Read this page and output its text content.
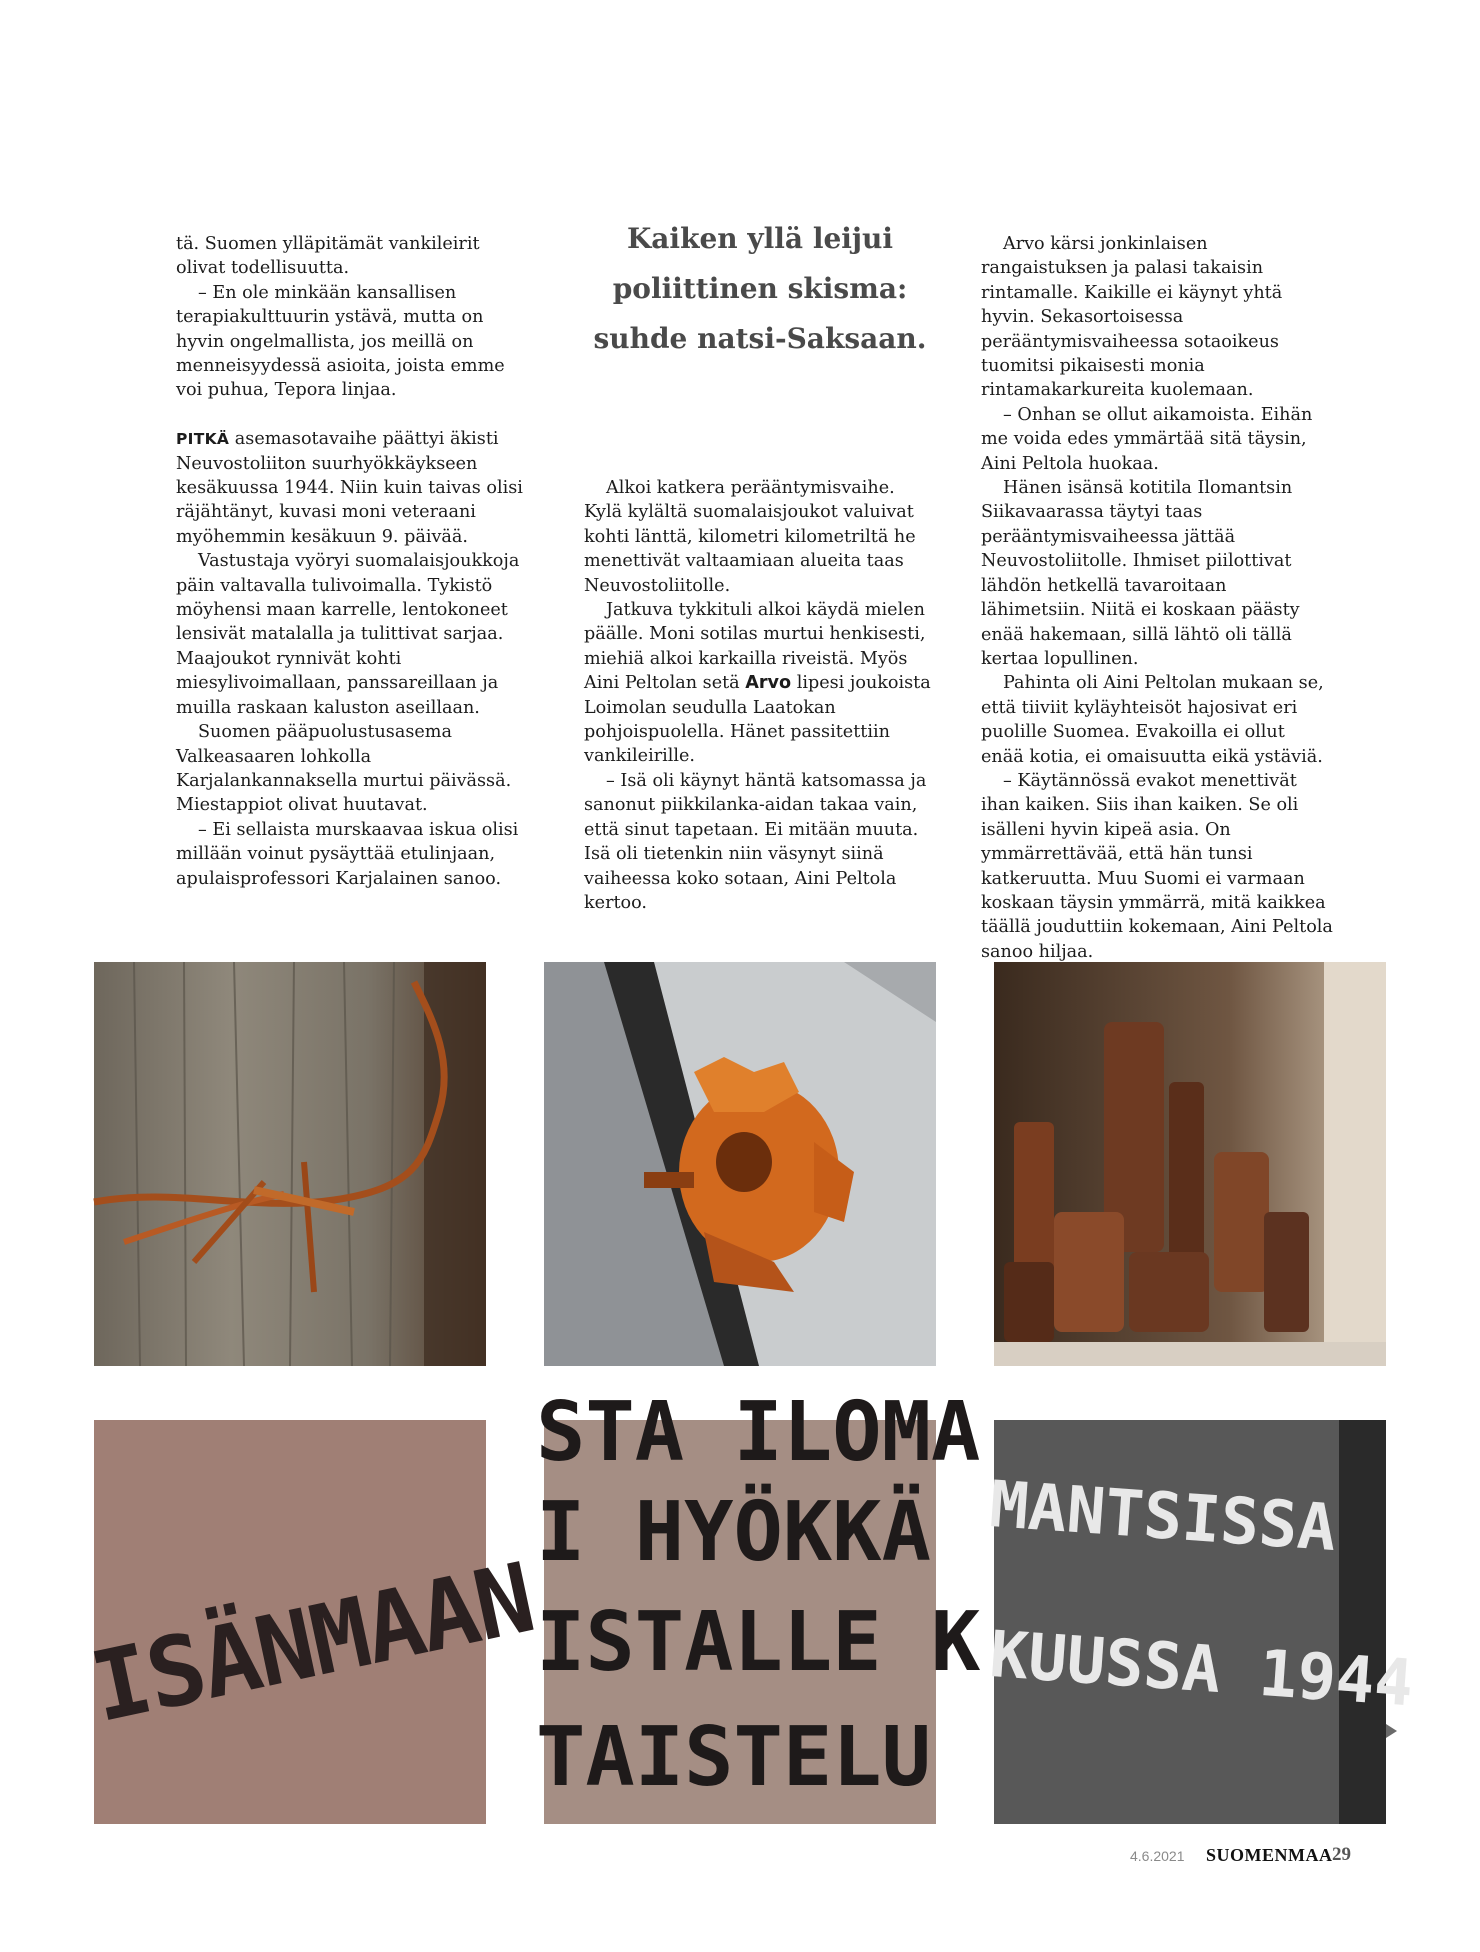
tä. Suomen ylläpitämät vankileirit olivat todellisuutta.

– En ole minkään kansallisen terapiakulttuurin ystävä, mutta on hyvin ongelmallista, jos meillä on menneisyydessä asioita, joista emme voi puhua, Tepora linjaa.

PITKÄ asemasotavaihe päättyi äkisti Neuvostoliiton suurhyökkäykseen kesäkuussa 1944. Niin kuin taivas olisi räjähtänyt, kuvasi moni veteraani myöhemmin kesäkuun 9. päivää.

Vastustaja vyöryi suomalaisjoukkoja päin valtavalla tulivoimalla. Tykistö möyhensi maan karrelle, lentokoneet lensivät matalalla ja tulittivat sarjaa. Maajoukot rynnivät kohti miesylivoimallaan, panssareillaan ja muilla raskaan kaluston aseillaan.

Suomen pääpuolustusasema Valkeasaaren lohkolla Karjalankannaksella murtui päivässä. Miestappiot olivat huutavat.

– Ei sellaista murskaavaa iskua olisi millään voinut pysäyttää etulinjaan, apulaisprofessori Karjalainen sanoo.

Kaiken yllä leijui poliittinen skisma: suhde natsi-Saksaan.

Alkoi katkera perääntymisvaihe. Kylä kylältä suomalaisjoukot valuivat kohti länttä, kilometri kilometriltä he menettivät valtaamiaan alueita taas Neuvostoliitolle.

Jatkuva tykkituli alkoi käydä mielen päälle. Moni sotilas murtui henkisesti, miehiä alkoi karkailla riveistä. Myös Aini Peltolan setä Arvo lipesi joukoista Loimolan seudulla Laatokan pohjoispuolella. Hänet passitettiin vankileirille.

– Isä oli käynyt häntä katsomassa ja sanonut piikkilanka-aidan takaa vain, että sinut tapetaan. Ei mitään muuta. Isä oli tietenkin niin väsynyt siinä vaiheessa koko sotaan, Aini Peltola kertoo.

Arvo kärsi jonkinlaisen rangaistuksen ja palasi takaisin rintamalle. Kaikille ei käynyt yhtä hyvin. Sekasortoisessa perääntymisvaiheessa sotaoikeus tuomitsi pikaisesti monia rintamakarkureita kuolemaan.

– Onhan se ollut aikamoista. Eihän me voida edes ymmärtää sitä täysin, Aini Peltola huokaa.

Hänen isänsä kotitila Ilomantsin Siikavaarassa täytyi taas perääntymisvaiheessa jättää Neuvostoliitolle. Ihmiset piilottivat lähdön hetkellä tavaroitaan lähimetsiin. Niitä ei koskaan päästy enää hakemaan, sillä lähtö oli tällä kertaa lopullinen.

Pahinta oli Aini Peltolan mukaan se, että tiiviit kyläyhteisöt hajosivat eri puolille Suomea. Evakoilla ei ollut enää kotia, ei omaisuutta eikä ystäviä.

– Käytännössä evakot menettivät ihan kaiken. Siis ihan kaiken. Se oli isälleni hyvin kipeä asia. On ymmärrettävää, että hän tunsi katkeruutta. Muu Suomi ei varmaan koskaan täysin ymmärrä, mitä kaikkea täällä jouduttiin kokemaan, Aini Peltola sanoo hiljaa.

ISÄNMAAN
STA ILOMA
I HYÖKKÄ
ISTALLE K
TAISTELU
MANTSISSA
KUUSSA 1944
4.6.2021 SUOMENMAA 29
